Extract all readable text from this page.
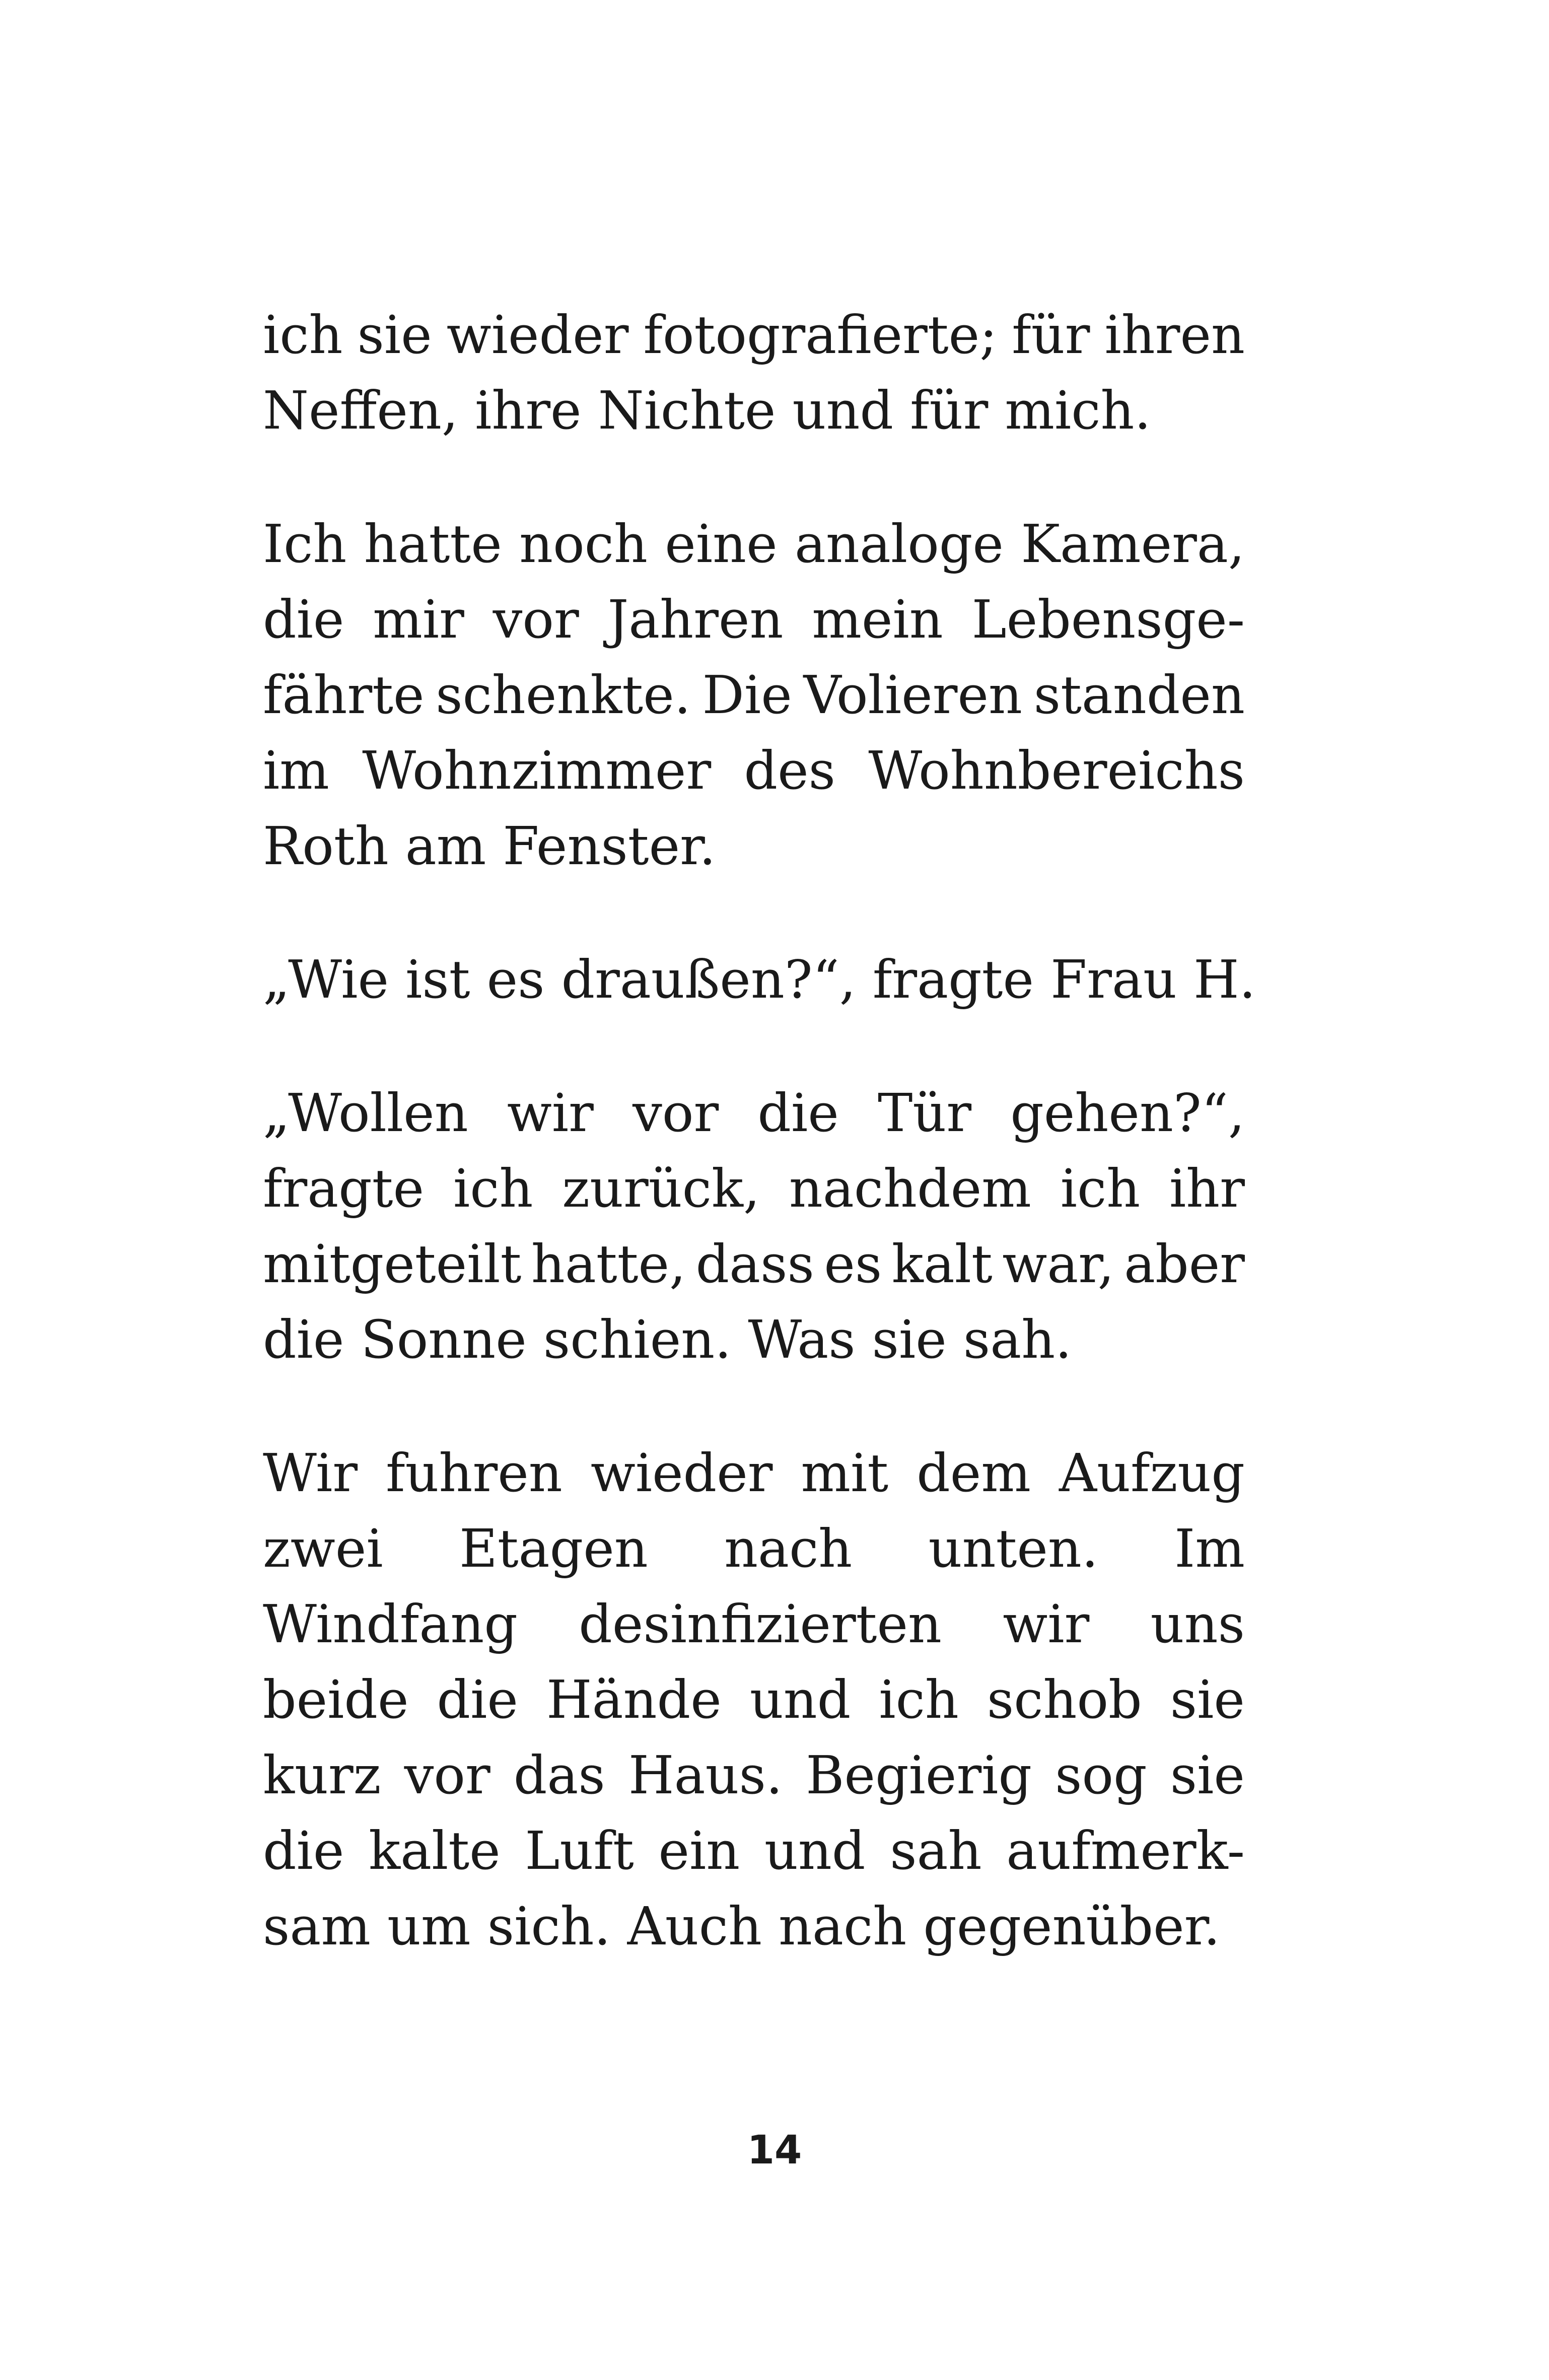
ich sie wieder fotografierte; für ihren
Neffen, ihre Nichte und für mich.

Ich hatte noch eine analoge Kamera,
die mir vor Jahren mein Lebensge-
fährte schenkte. Die Volieren standen
im Wohnzimmer des Wohnbereichs
Roth am Fenster.

„Wie ist es draußen?“, fragte Frau H.

„Wollen wir vor die Tür gehen?“,
fragte ich zurück, nachdem ich ihr
mitgeteilt hatte, dass es kalt war, aber
die Sonne schien. Was sie sah.

Wir fuhren wieder mit dem Aufzug
zwei Etagen nach unten. Im
Windfang desinfizierten wir uns
beide die Hände und ich schob sie
kurz vor das Haus. Begierig sog sie
die kalte Luft ein und sah aufmerk-
sam um sich. Auch nach gegenüber.

14
